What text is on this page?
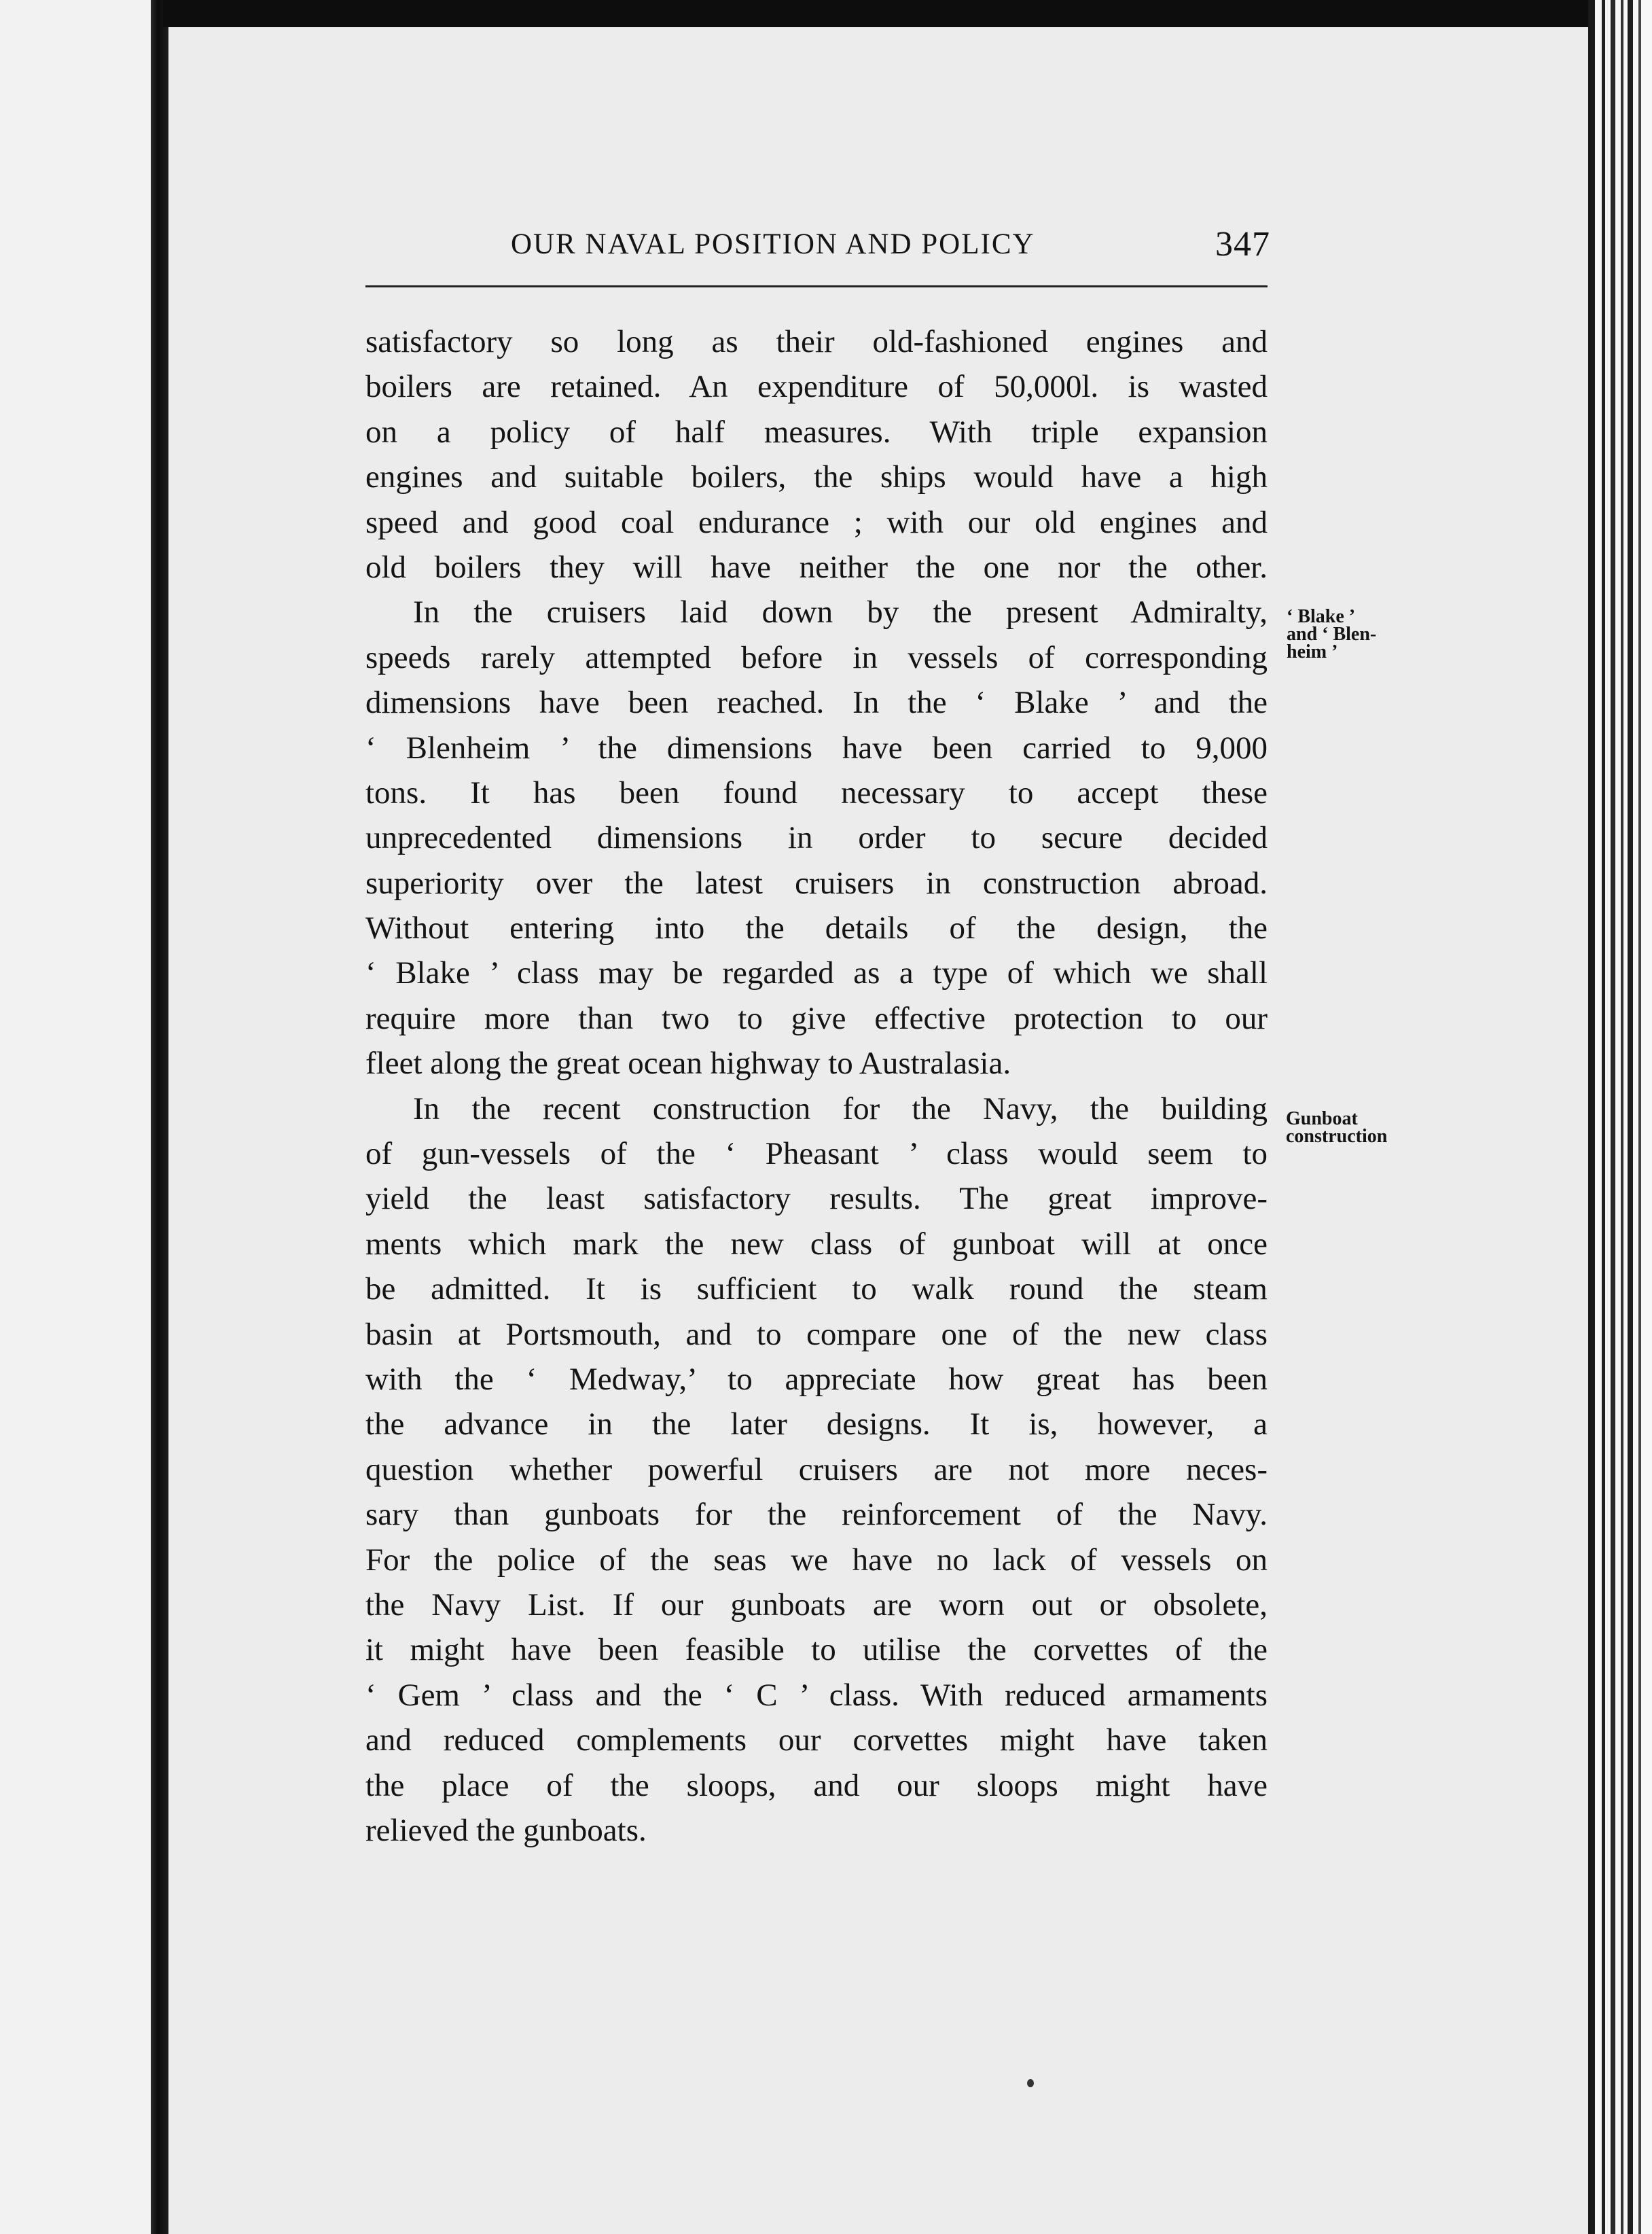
OUR NAVAL POSITION AND POLICY	347
satisfactory so long as their old-fashioned engines and
boilers are retained. An expenditure of 50,000l. is wasted
on a policy of half measures. With triple expansion
engines and suitable boilers, the ships would have a high
speed and good coal endurance ; with our old engines and
old boilers they will have neither the one nor the other.
In the cruisers laid down by the present Admiralty,
speeds rarely attempted before in vessels of corresponding
dimensions have been reached. In the ‘ Blake ’ and the
‘ Blenheim ’ the dimensions have been carried to 9,000
tons. It has been found necessary to accept these
unprecedented dimensions in order to secure decided
superiority over the latest cruisers in construction abroad.
Without entering into the details of the design, the
‘ Blake ’ class may be regarded as a type of which we shall
require more than two to give effective protection to our
fleet along the great ocean highway to Australasia.
In the recent construction for the Navy, the building
of gun-vessels of the ‘ Pheasant ’ class would seem to
yield the least satisfactory results. The great improve-
ments which mark the new class of gunboat will at once
be admitted. It is sufficient to walk round the steam
basin at Portsmouth, and to compare one of the new class
with the ‘ Medway,’ to appreciate how great has been
the advance in the later designs. It is, however, a
question whether powerful cruisers are not more neces-
sary than gunboats for the reinforcement of the Navy.
For the police of the seas we have no lack of vessels on
the Navy List. If our gunboats are worn out or obsolete,
it might have been feasible to utilise the corvettes of the
‘ Gem ’ class and the ‘ C ’ class. With reduced armaments
and reduced complements our corvettes might have taken
the place of the sloops, and our sloops might have
relieved the gunboats.
‘ Blake ’
and ‘ Blen-
heim ’
Gunboat
construction
